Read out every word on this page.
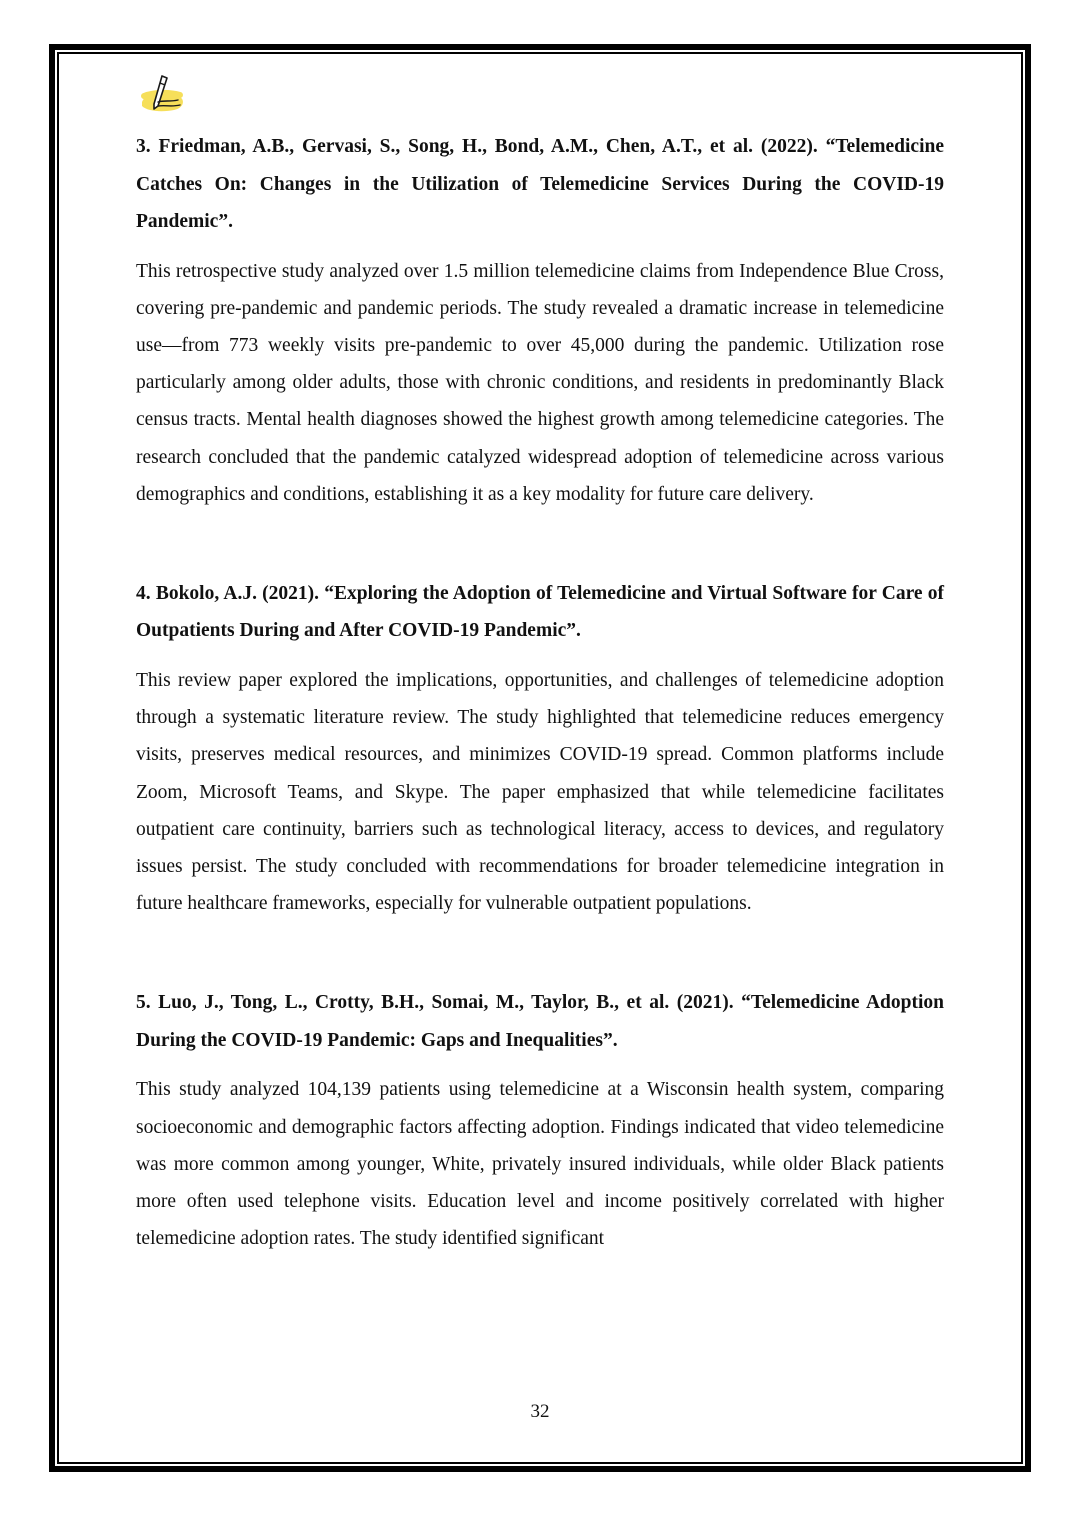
3. Friedman, A.B., Gervasi, S., Song, H., Bond, A.M., Chen, A.T., et al. (2022). “Telemedicine Catches On: Changes in the Utilization of Telemedicine Services During the COVID-19 Pandemic”.

This retrospective study analyzed over 1.5 million telemedicine claims from Independence Blue Cross, covering pre-pandemic and pandemic periods. The study revealed a dramatic increase in telemedicine use—from 773 weekly visits pre-pandemic to over 45,000 during the pandemic. Utilization rose particularly among older adults, those with chronic conditions, and residents in predominantly Black census tracts. Mental health diagnoses showed the highest growth among telemedicine categories. The research concluded that the pandemic catalyzed widespread adoption of telemedicine across various demographics and conditions, establishing it as a key modality for future care delivery.

4. Bokolo, A.J. (2021). “Exploring the Adoption of Telemedicine and Virtual Software for Care of Outpatients During and After COVID-19 Pandemic”.

This review paper explored the implications, opportunities, and challenges of telemedicine adoption through a systematic literature review. The study highlighted that telemedicine reduces emergency visits, preserves medical resources, and minimizes COVID-19 spread. Common platforms include Zoom, Microsoft Teams, and Skype. The paper emphasized that while telemedicine facilitates outpatient care continuity, barriers such as technological literacy, access to devices, and regulatory issues persist. The study concluded with recommendations for broader telemedicine integration in future healthcare frameworks, especially for vulnerable outpatient populations.

5. Luo, J., Tong, L., Crotty, B.H., Somai, M., Taylor, B., et al. (2021). “Telemedicine Adoption During the COVID-19 Pandemic: Gaps and Inequalities”.

This study analyzed 104,139 patients using telemedicine at a Wisconsin health system, comparing socioeconomic and demographic factors affecting adoption. Findings indicated that video telemedicine was more common among younger, White, privately insured individuals, while older Black patients more often used telephone visits. Education level and income positively correlated with higher telemedicine adoption rates. The study identified significant

32
